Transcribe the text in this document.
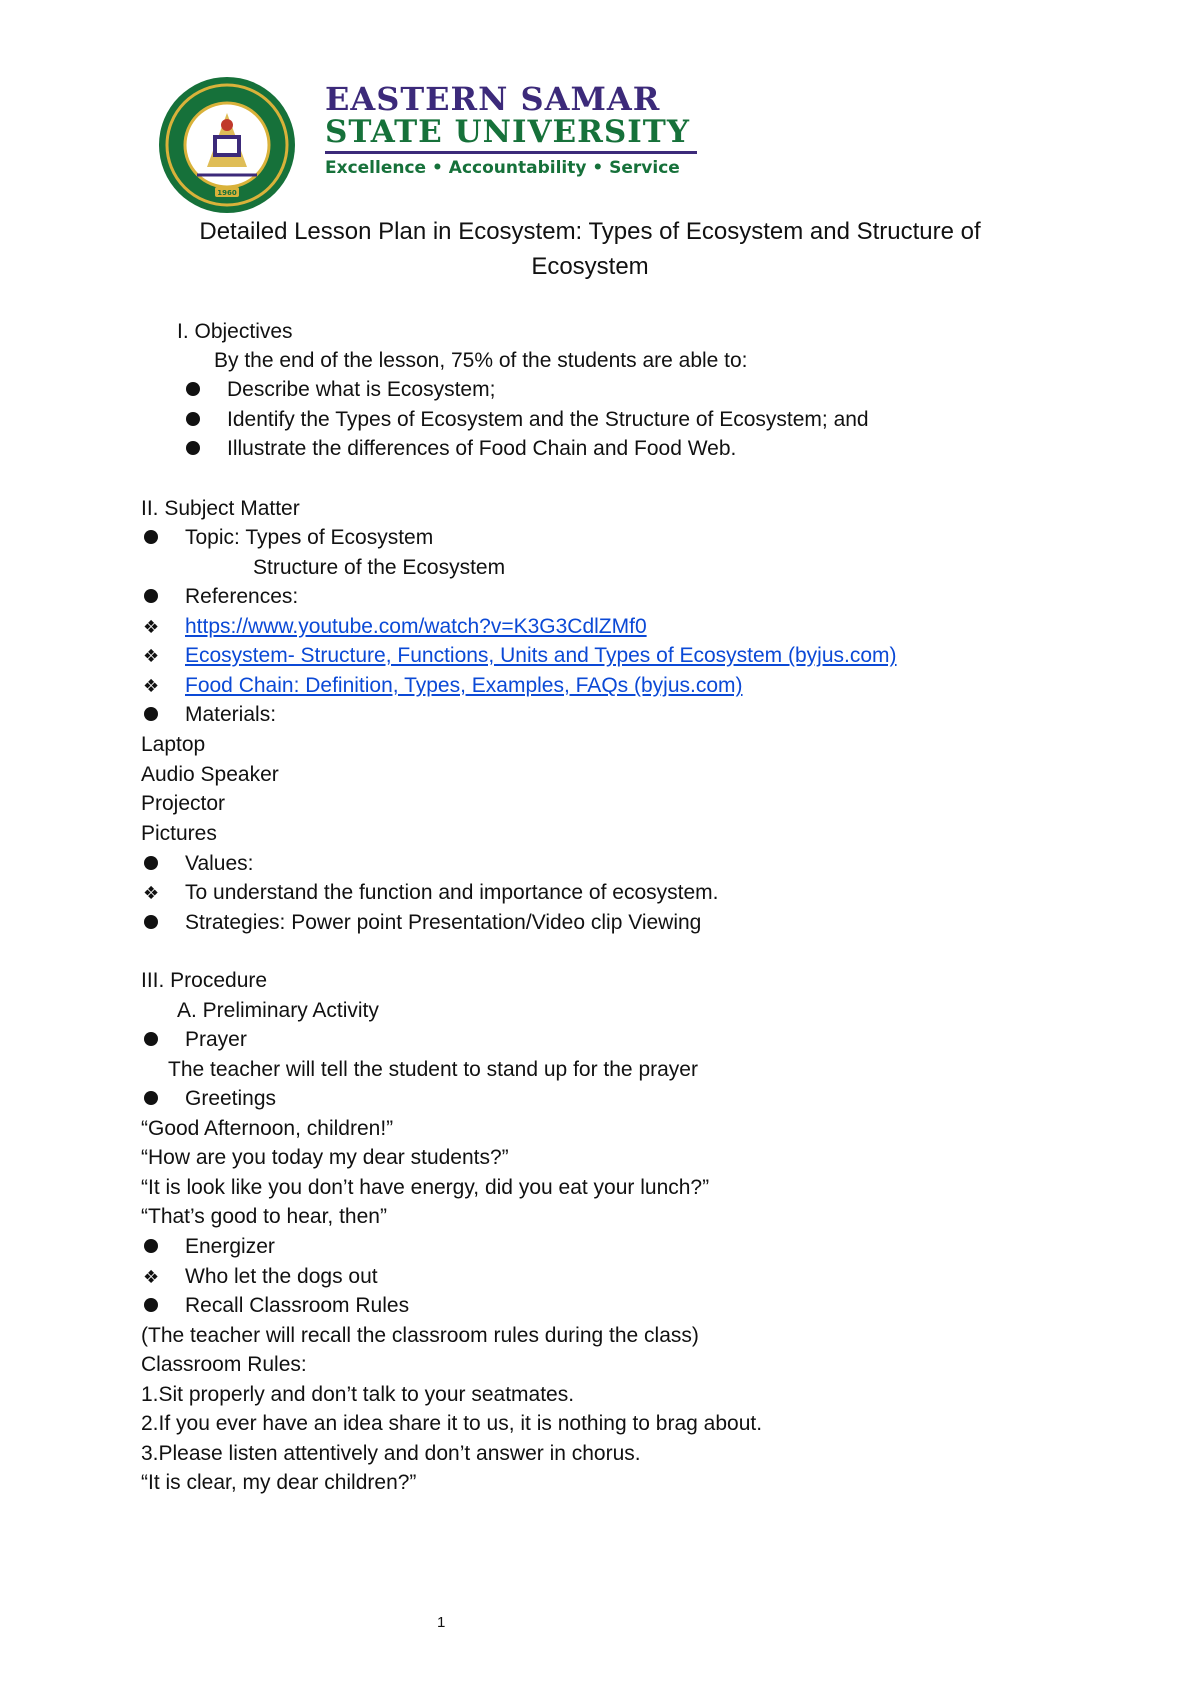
1960
EASTERN SAMAR
STATE UNIVERSITY
Excellence • Accountability • Service
Detailed Lesson Plan in Ecosystem: Types of Ecosystem and Structure of Ecosystem
I. Objectives
By the end of the lesson, 75% of the students are able to:
Describe what is Ecosystem;
Identify the Types of Ecosystem and the Structure of Ecosystem; and
Illustrate the differences of Food Chain and Food Web.
II. Subject Matter
Topic: Types of Ecosystem
Structure of the Ecosystem
References:
❖ https://www.youtube.com/watch?v=K3G3CdlZMf0
❖ Ecosystem- Structure, Functions, Units and Types of Ecosystem (byjus.com)
❖ Food Chain: Definition, Types, Examples, FAQs (byjus.com)
Materials:
Laptop
Audio Speaker
Projector
Pictures
Values:
❖ To understand the function and importance of ecosystem.
Strategies: Power point Presentation/Video clip Viewing
III. Procedure
A. Preliminary Activity
Prayer
The teacher will tell the student to stand up for the prayer
Greetings
“Good Afternoon, children!”
“How are you today my dear students?”
“It is look like you don’t have energy, did you eat your lunch?”
“That’s good to hear, then”
Energizer
❖ Who let the dogs out
Recall Classroom Rules
(The teacher will recall the classroom rules during the class)
Classroom Rules:
1.Sit properly and don’t talk to your seatmates.
2.If you ever have an idea share it to us, it is nothing to brag about.
3.Please listen attentively and don’t answer in chorus.
“It is clear, my dear children?”
1
